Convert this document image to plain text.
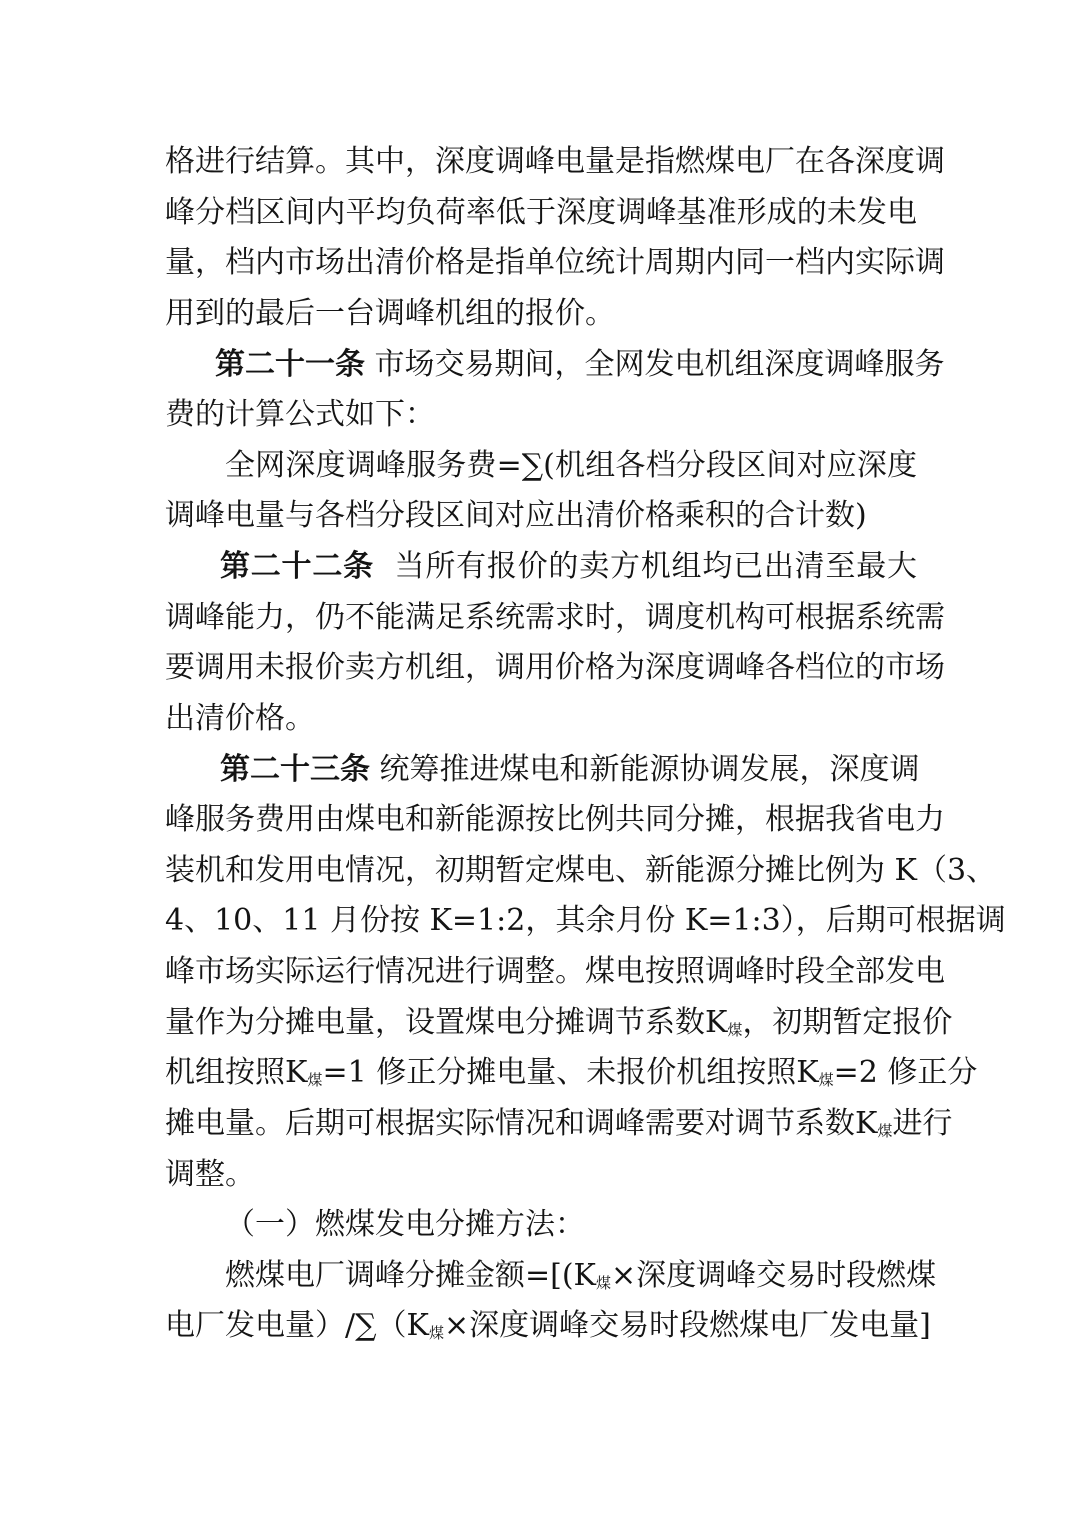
格进行结算。其中，深度调峰电量是指燃煤电厂在各深度调
峰分档区间内平均负荷率低于深度调峰基准形成的未发电
量，档内市场出清价格是指单位统计周期内同一档内实际调
用到的最后一台调峰机组的报价。
第二十一条 市场交易期间，全网发电机组深度调峰服务
费的计算公式如下：
全网深度调峰服务费=∑(机组各档分段区间对应深度
调峰电量与各档分段区间对应出清价格乘积的合计数)
第二十二条  当所有报价的卖方机组均已出清至最大
调峰能力，仍不能满足系统需求时，调度机构可根据系统需
要调用未报价卖方机组，调用价格为深度调峰各档位的市场
出清价格。
第二十三条 统筹推进煤电和新能源协调发展，深度调
峰服务费用由煤电和新能源按比例共同分摊，根据我省电力
装机和发用电情况，初期暂定煤电、新能源分摊比例为 K（3、
4、10、11 月份按 K=1:2，其余月份 K=1:3），后期可根据调
峰市场实际运行情况进行调整。煤电按照调峰时段全部发电
量作为分摊电量，设置煤电分摊调节系数$K_煤$，初期暂定报价
机组按照$K_煤=1$ 修正分摊电量、未报价机组按照$K_煤=2$ 修正分
摊电量。后期可根据实际情况和调峰需要对调节系数$K_煤$进行
调整。
（一）燃煤发电分摊方法：
燃煤电厂调峰分摊金额$=[(K_煤\times$深度调峰交易时段燃煤
电厂发电量）$/\sum(K_煤\times$深度调峰交易时段燃煤电厂发电量]
